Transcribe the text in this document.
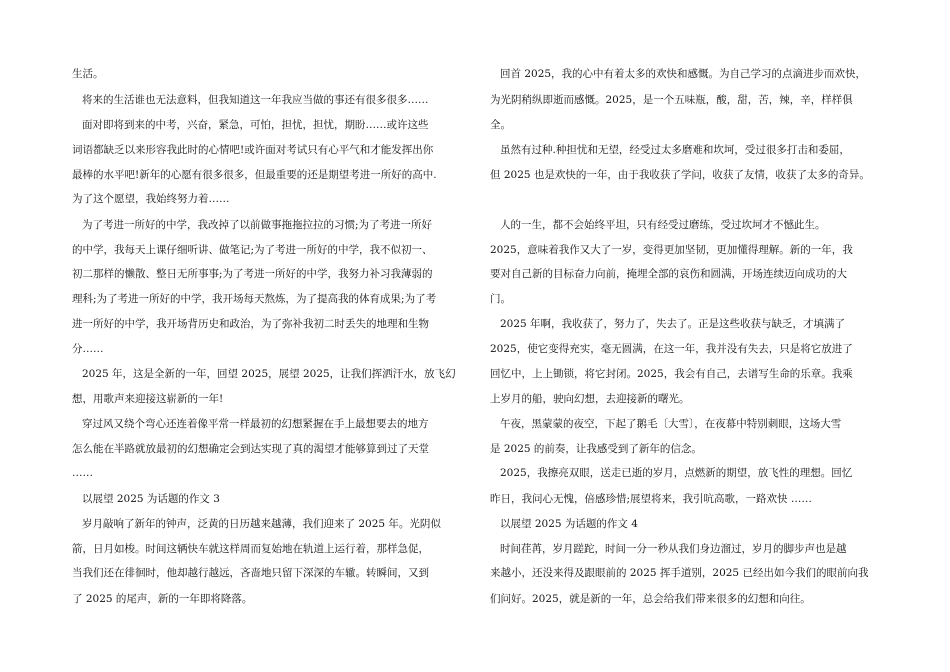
生活。
将来的生活谁也无法意料，但我知道这一年我应当做的事还有很多很多……
面对即将到来的中考，兴奋，紧急，可怕，担忧，担忧，期盼……或许这些
词语都缺乏以来形容我此时的心情吧!或许面对考试只有心平气和才能发挥出你
最棒的水平吧!新年的心愿有很多很多，但最重要的还是期望考进一所好的高中.
为了这个愿望，我始终努力着……
为了考进一所好的中学，我改掉了以前做事拖拖拉拉的习惯;为了考进一所好
的中学，我每天上课仔细听讲、做笔记;为了考进一所好的中学，我不似初一、
初二那样的懒散、整日无所事事;为了考进一所好的中学，我努力补习我薄弱的
理科;为了考进一所好的中学，我开场每天熬炼，为了提高我的体育成果;为了考
进一所好的中学，我开场背历史和政治，为了弥补我初二时丢失的地理和生物
分……
2025 年，这是全新的一年，回望 2025，展望 2025，让我们挥洒汗水，放飞幻
想，用歌声来迎接这崭新的一年!
穿过风又绕个弯心还连着像平常一样最初的幻想紧握在手上最想要去的地方
怎么能在半路就放最初的幻想确定会到达实现了真的渴望才能够算到过了天堂
……
以展望 2025 为话题的作文 3
岁月敲响了新年的钟声，泛黄的日历越来越薄，我们迎来了 2025 年。光阴似
箭，日月如梭。时间这辆快车就这样周而复始地在轨道上运行着，那样急促，
当我们还在徘徊时，他却越行越远，吝啬地只留下深深的车辙。转瞬间，又到
了 2025 的尾声，新的一年即将降落。
回首 2025，我的心中有着太多的欢快和感慨。为自己学习的点滴进步而欢快，
为光阴稍纵即逝而感慨。2025，是一个五味瓶，酸，甜，苦，辣，辛，样样俱
全。
虽然有过种.种担忧和无望，经受过太多磨难和坎坷，受过很多打击和委屈，
但 2025 也是欢快的一年，由于我收获了学问，收获了友情，收获了太多的奇异。
人的一生，都不会始终平坦，只有经受过磨练，受过坎坷才不憾此生。
2025，意味着我作又大了一岁，变得更加坚韧，更加懂得理解。新的一年，我
要对自己新的目标奋力向前，掩埋全部的哀伤和圆满，开场连续迈向成功的大
门。
2025 年啊，我收获了，努力了，失去了。正是这些收获与缺乏，才填满了
2025，使它变得充实，毫无圆满，在这一年，我并没有失去，只是将它放进了
回忆中，上上锄锁，将它封闭。2025，我会有自己，去谱写生命的乐章。我乘
上岁月的船，驶向幻想，去迎接新的曙光。
午夜，黑蒙蒙的夜空，下起了鹅毛〔大雪〕，在夜幕中特别刺眼，这场大雪
是 2025 的前奏，让我感受到了新年的信念。
2025，我擦亮双眼，送走已逝的岁月，点燃新的期望，放飞性的理想。回忆
昨日，我问心无愧，倍感珍惜;展望将来，我引吭高歌，一路欢快 ……
以展望 2025 为话题的作文 4
时间荏苒，岁月蹉跎，时间一分一秒从我们身边溜过，岁月的脚步声也是越
来越小，还没来得及跟眼前的 2025 挥手道别，2025 已经出如今我们的眼前向我
们问好。2025，就是新的一年，总会给我们带来很多的幻想和向往。
